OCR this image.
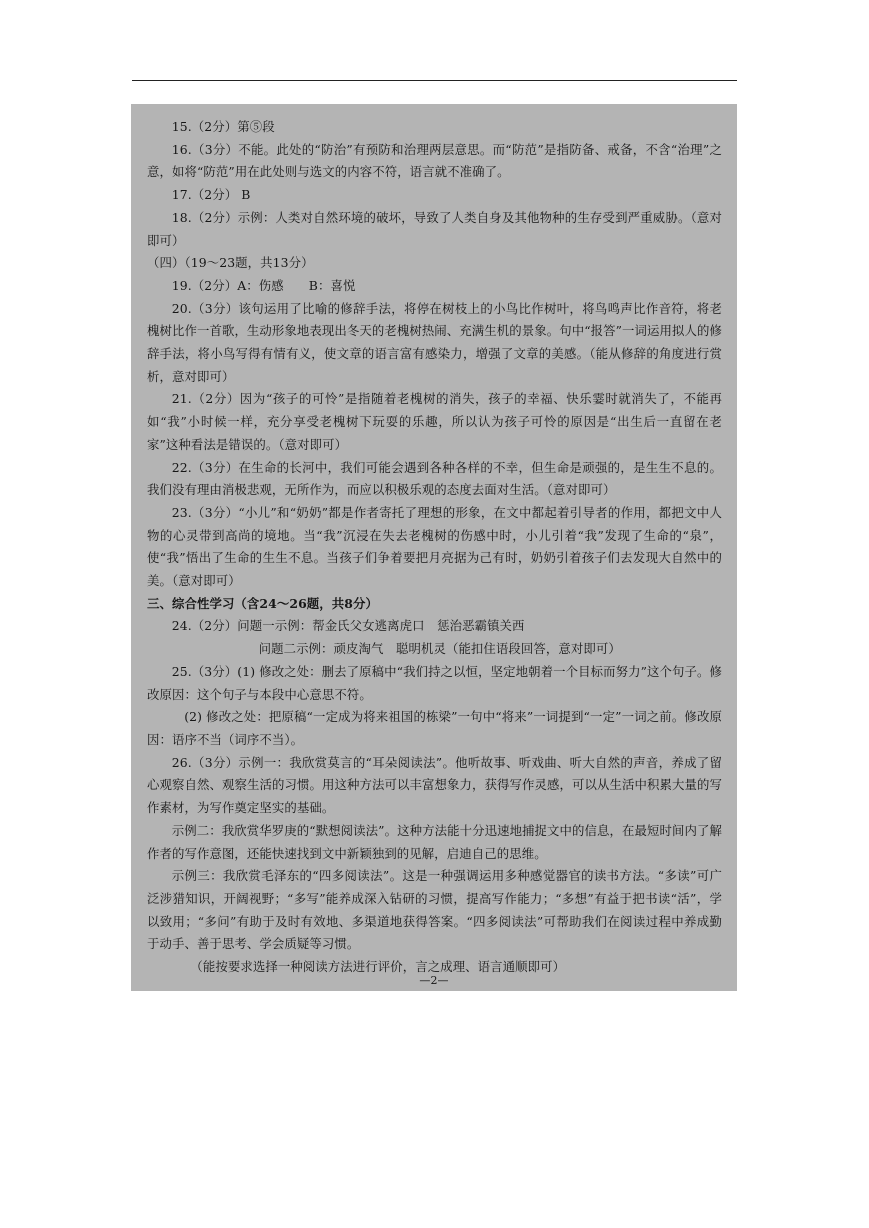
15.（2分）第⑤段

16.（3分）不能。此处的“防治”有预防和治理两层意思。而“防范”是指防备、戒备，不含“治理”之意，如将“防范”用在此处则与选文的内容不符，语言就不准确了。

17.（2分） B

18.（2分）示例：人类对自然环境的破坏，导致了人类自身及其他物种的生存受到严重威胁。（意对即可）

（四）（19～23题，共13分）

19.（2分）A：伤感　　B：喜悦

20.（3分）该句运用了比喻的修辞手法，将停在树枝上的小鸟比作树叶，将鸟鸣声比作音符，将老槐树比作一首歌，生动形象地表现出冬天的老槐树热闹、充满生机的景象。句中“报答”一词运用拟人的修辞手法，将小鸟写得有情有义，使文章的语言富有感染力，增强了文章的美感。（能从修辞的角度进行赏析，意对即可）

21.（2分）因为“孩子的可怜”是指随着老槐树的消失，孩子的幸福、快乐霎时就消失了，不能再如“我”小时候一样，充分享受老槐树下玩耍的乐趣，所以认为孩子可怜的原因是“出生后一直留在老家”这种看法是错误的。（意对即可）

22.（3分）在生命的长河中，我们可能会遇到各种各样的不幸，但生命是顽强的，是生生不息的。我们没有理由消极悲观，无所作为，而应以积极乐观的态度去面对生活。（意对即可）

23.（3分）“小儿”和“奶奶”都是作者寄托了理想的形象，在文中都起着引导者的作用，都把文中人物的心灵带到高尚的境地。当“我”沉浸在失去老槐树的伤感中时，小儿引着“我”发现了生命的“泉”，使“我”悟出了生命的生生不息。当孩子们争着要把月亮据为己有时，奶奶引着孩子们去发现大自然中的美。（意对即可）

三、综合性学习（含24～26题，共8分）

24.（2分）问题一示例：帮金氏父女逃离虎口　惩治恶霸镇关西

问题二示例：顽皮淘气　聪明机灵（能扣住语段回答，意对即可）

25.（3分）(1) 修改之处：删去了原稿中“我们持之以恒，坚定地朝着一个目标而努力”这个句子。修改原因：这个句子与本段中心意思不符。

(2) 修改之处：把原稿“一定成为将来祖国的栋梁”一句中“将来”一词提到“一定”一词之前。修改原因：语序不当（词序不当）。

26.（3分）示例一：我欣赏莫言的“耳朵阅读法”。他听故事、听戏曲、听大自然的声音，养成了留心观察自然、观察生活的习惯。用这种方法可以丰富想象力，获得写作灵感，可以从生活中积累大量的写作素材，为写作奠定坚实的基础。

示例二：我欣赏华罗庚的“默想阅读法”。这种方法能十分迅速地捕捉文中的信息，在最短时间内了解作者的写作意图，还能快速找到文中新颖独到的见解，启迪自己的思维。

示例三：我欣赏毛泽东的“四多阅读法”。这是一种强调运用多种感觉器官的读书方法。“多读”可广泛涉猎知识，开阔视野；“多写”能养成深入钻研的习惯，提高写作能力；“多想”有益于把书读“活”，学以致用；“多问”有助于及时有效地、多渠道地获得答案。“四多阅读法”可帮助我们在阅读过程中养成勤于动手、善于思考、学会质疑等习惯。

（能按要求选择一种阅读方法进行评价，言之成理、语言通顺即可）

—2—
